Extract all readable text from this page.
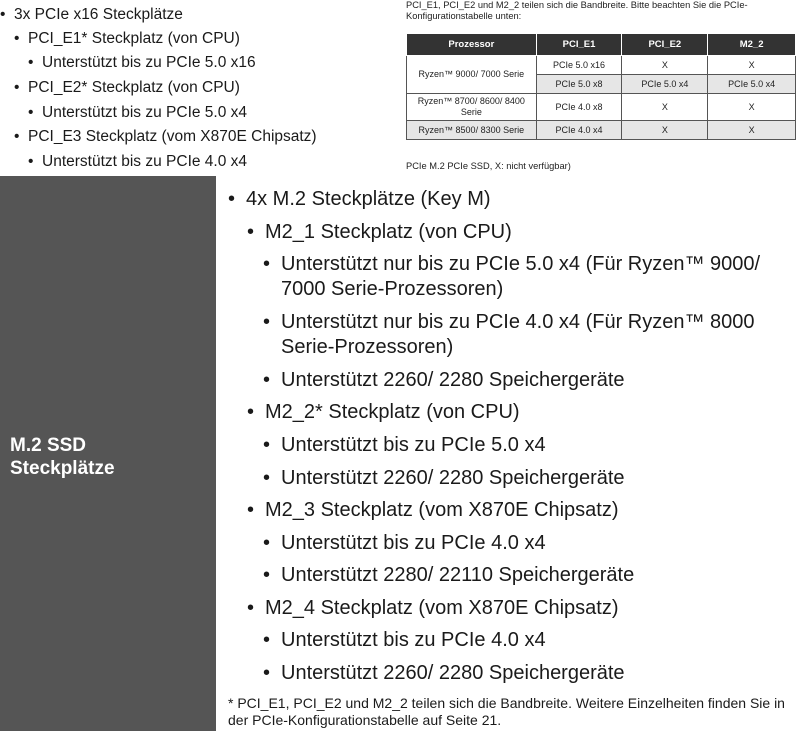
• 3x PCIe x16 Steckplätze
• PCI_E1* Steckplatz (von CPU)
• Unterstützt bis zu PCIe 5.0 x16
• PCI_E2* Steckplatz (von CPU)
• Unterstützt bis zu PCIe 5.0 x4
• PCI_E3 Steckplatz (vom X870E Chipsatz)
• Unterstützt bis zu PCIe 4.0 x4
PCI_E1, PCI_E2 und M2_2 teilen sich die Bandbreite. Bitte beachten Sie die PCIe-Konfigurationstabelle unten:
Prozessor	PCI_E1	PCI_E2	M2_2
Ryzen™ 9000/ 7000 Serie	PCIe 5.0 x16	X	X
	PCIe 5.0 x8	PCIe 5.0 x4	PCIe 5.0 x4
Ryzen™ 8700/ 8600/ 8400 Serie	PCIe 4.0 x8	X	X
Ryzen™ 8500/ 8300 Serie	PCIe 4.0 x4	X	X
PCIe M.2 PCIe SSD, X: nicht verfügbar)
M.2 SSD
Steckplätze
• 4x M.2 Steckplätze (Key M)
• M2_1 Steckplatz (von CPU)
• Unterstützt nur bis zu PCIe 5.0 x4 (Für Ryzen™ 9000/ 7000 Serie-Prozessoren)
• Unterstützt nur bis zu PCIe 4.0 x4 (Für Ryzen™ 8000 Serie-Prozessoren)
• Unterstützt 2260/ 2280 Speichergeräte
• M2_2* Steckplatz (von CPU)
• Unterstützt bis zu PCIe 5.0 x4
• Unterstützt 2260/ 2280 Speichergeräte
• M2_3 Steckplatz (vom X870E Chipsatz)
• Unterstützt bis zu PCIe 4.0 x4
• Unterstützt 2280/ 22110 Speichergeräte
• M2_4 Steckplatz (vom X870E Chipsatz)
• Unterstützt bis zu PCIe 4.0 x4
• Unterstützt 2260/ 2280 Speichergeräte
* PCI_E1, PCI_E2 und M2_2 teilen sich die Bandbreite. Weitere Einzelheiten finden Sie in der PCIe-Konfigurationstabelle auf Seite 21.
